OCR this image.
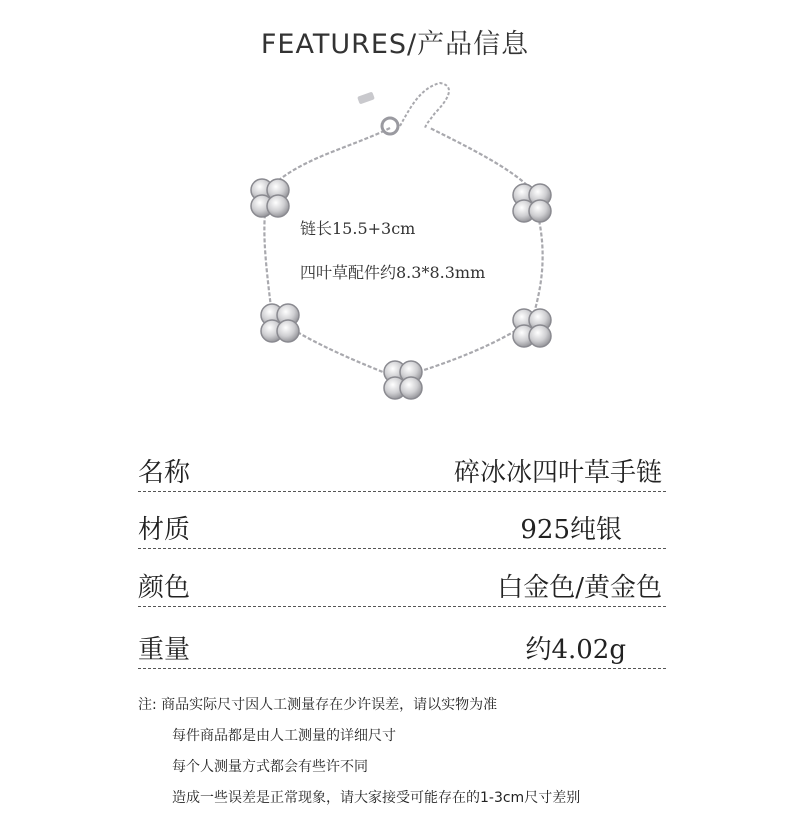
FEATURES/产品信息
链长15.5+3cm
四叶草配件约8.3*8.3mm
名称	碎冰冰四叶草手链
材质	925纯银
颜色	白金色/黄金色
重量	约4.02g
注: 商品实际尺寸因人工测量存在少许误差，请以实物为准
每件商品都是由人工测量的详细尺寸
每个人测量方式都会有些许不同
造成一些误差是正常现象，请大家接受可能存在的1-3cm尺寸差别
